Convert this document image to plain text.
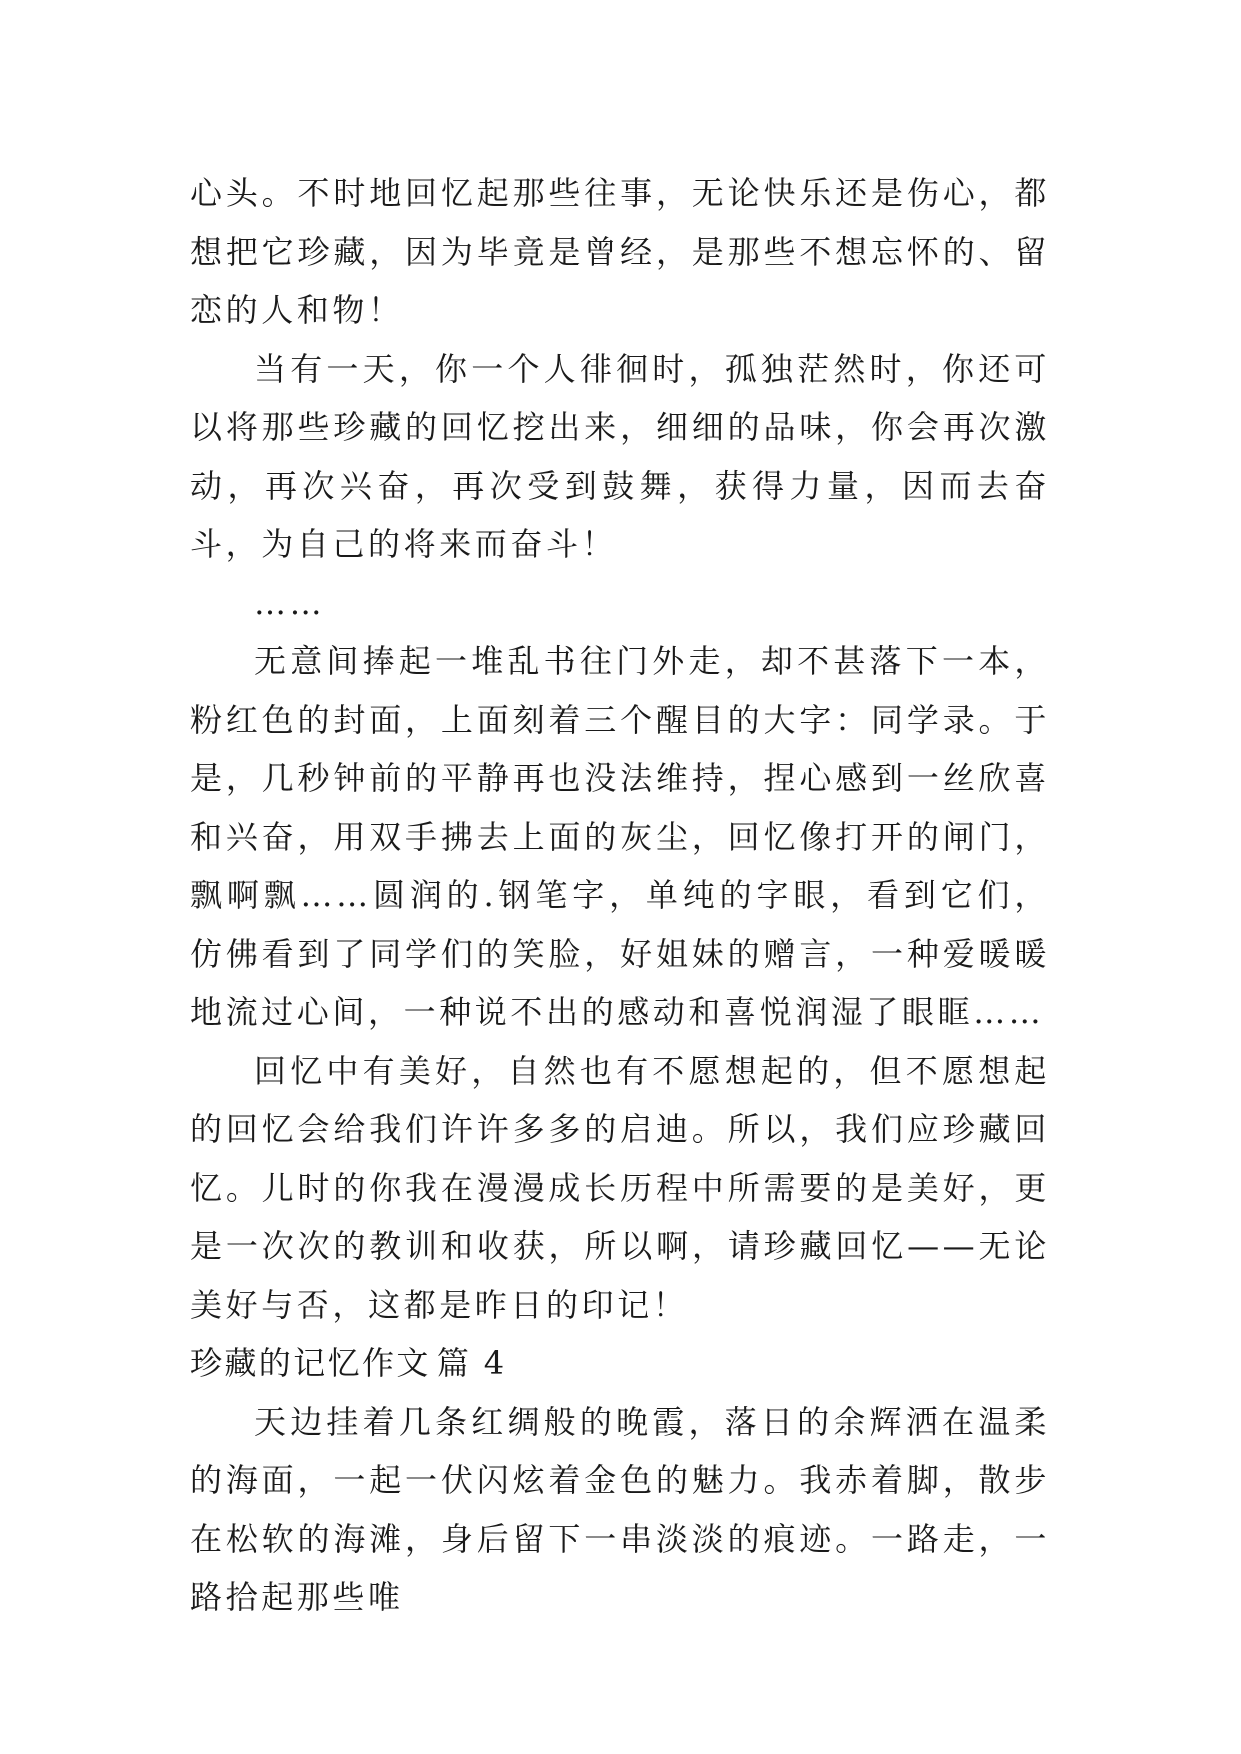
心头。不时地回忆起那些往事，无论快乐还是伤心，都想把它珍藏，因为毕竟是曾经，是那些不想忘怀的、留恋的人和物！

当有一天，你一个人徘徊时，孤独茫然时，你还可以将那些珍藏的回忆挖出来，细细的品味，你会再次激动，再次兴奋，再次受到鼓舞，获得力量，因而去奋斗，为自己的将来而奋斗！

……

无意间捧起一堆乱书往门外走，却不甚落下一本，粉红色的封面，上面刻着三个醒目的大字：同学录。于是，几秒钟前的平静再也没法维持，捏心感到一丝欣喜和兴奋，用双手拂去上面的灰尘，回忆像打开的闸门，飘啊飘……圆润的.钢笔字，单纯的字眼，看到它们，仿佛看到了同学们的笑脸，好姐妹的赠言，一种爱暖暖地流过心间，一种说不出的感动和喜悦润湿了眼眶……

回忆中有美好，自然也有不愿想起的，但不愿想起的回忆会给我们许许多多的启迪。所以，我们应珍藏回忆。儿时的你我在漫漫成长历程中所需要的是美好，更是一次次的教训和收获，所以啊，请珍藏回忆——无论美好与否，这都是昨日的印记！

珍藏的记忆作文 篇 4

天边挂着几条红绸般的晚霞，落日的余辉洒在温柔的海面，一起一伏闪炫着金色的魅力。我赤着脚，散步在松软的海滩，身后留下一串淡淡的痕迹。一路走，一路拾起那些唯
